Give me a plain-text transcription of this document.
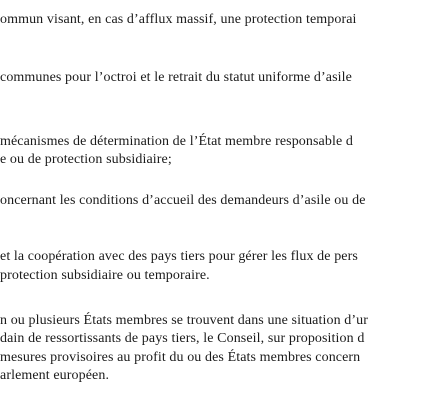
ommun visant, en cas d’afflux massif, une protection temporai
communes pour l’octroi et le retrait du statut uniforme d’asile
mécanismes de détermination de l’État membre responsable d
e ou de protection subsidiaire;
oncernant les conditions d’accueil des demandeurs d’asile ou de
et la coopération avec des pays tiers pour gérer les flux de pers
protection subsidiaire ou temporaire.
n ou plusieurs États membres se trouvent dans une situation d’ur
dain de ressortissants de pays tiers, le Conseil, sur proposition d
mesures provisoires au profit du ou des États membres concern
arlement européen.
